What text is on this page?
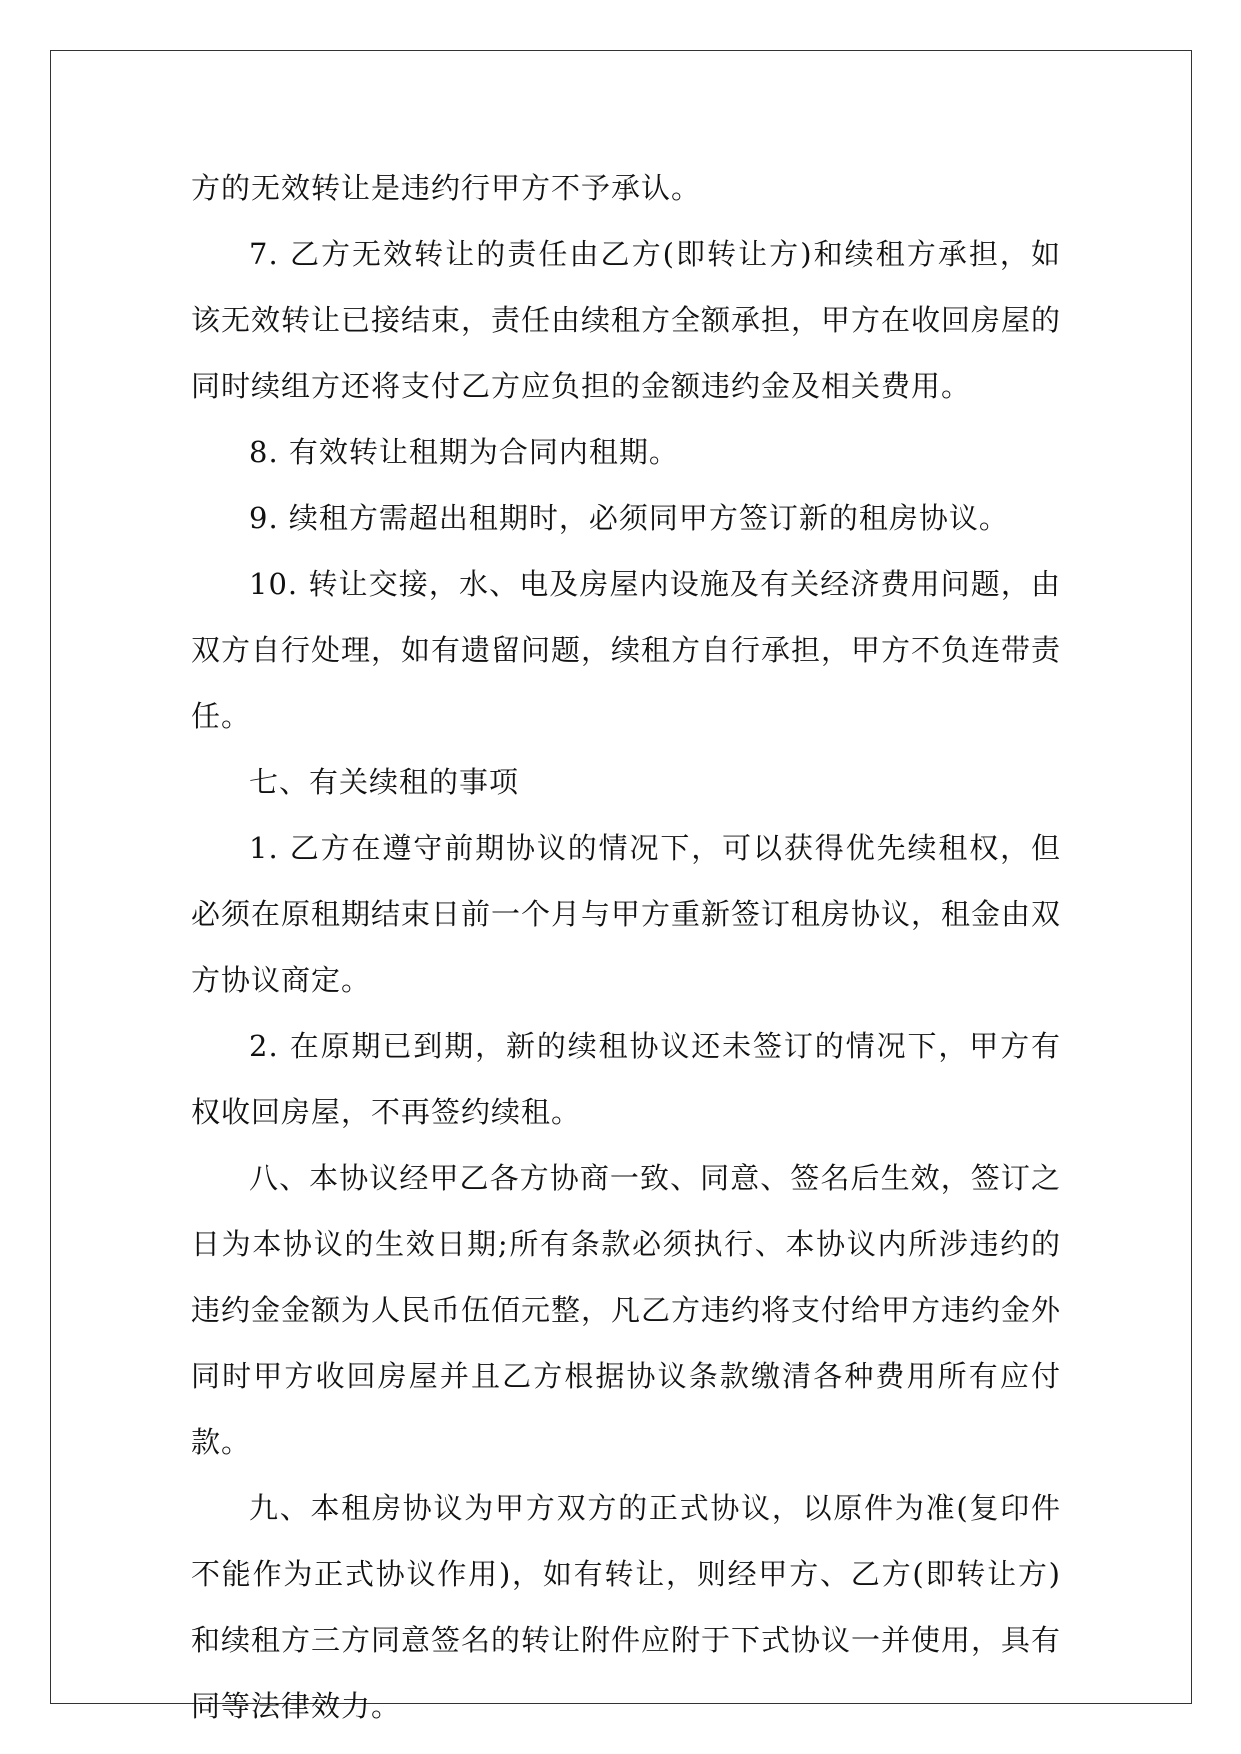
方的无效转让是违约行甲方不予承认。

7. 乙方无效转让的责任由乙方(即转让方)和续租方承担，如该无效转让已接结束，责任由续租方全额承担，甲方在收回房屋的同时续组方还将支付乙方应负担的金额违约金及相关费用。

8. 有效转让租期为合同内租期。

9. 续租方需超出租期时，必须同甲方签订新的租房协议。

10. 转让交接，水、电及房屋内设施及有关经济费用问题，由双方自行处理，如有遗留问题，续租方自行承担，甲方不负连带责任。

七、有关续租的事项

1. 乙方在遵守前期协议的情况下，可以获得优先续租权，但必须在原租期结束日前一个月与甲方重新签订租房协议，租金由双方协议商定。

2. 在原期已到期，新的续租协议还未签订的情况下，甲方有权收回房屋，不再签约续租。

八、本协议经甲乙各方协商一致、同意、签名后生效，签订之日为本协议的生效日期;所有条款必须执行、本协议内所涉违约的违约金金额为人民币伍佰元整，凡乙方违约将支付给甲方违约金外同时甲方收回房屋并且乙方根据协议条款缴清各种费用所有应付款。

九、本租房协议为甲方双方的正式协议，以原件为准(复印件不能作为正式协议作用)，如有转让，则经甲方、乙方(即转让方)和续租方三方同意签名的转让附件应附于下式协议一并使用，具有同等法律效力。
